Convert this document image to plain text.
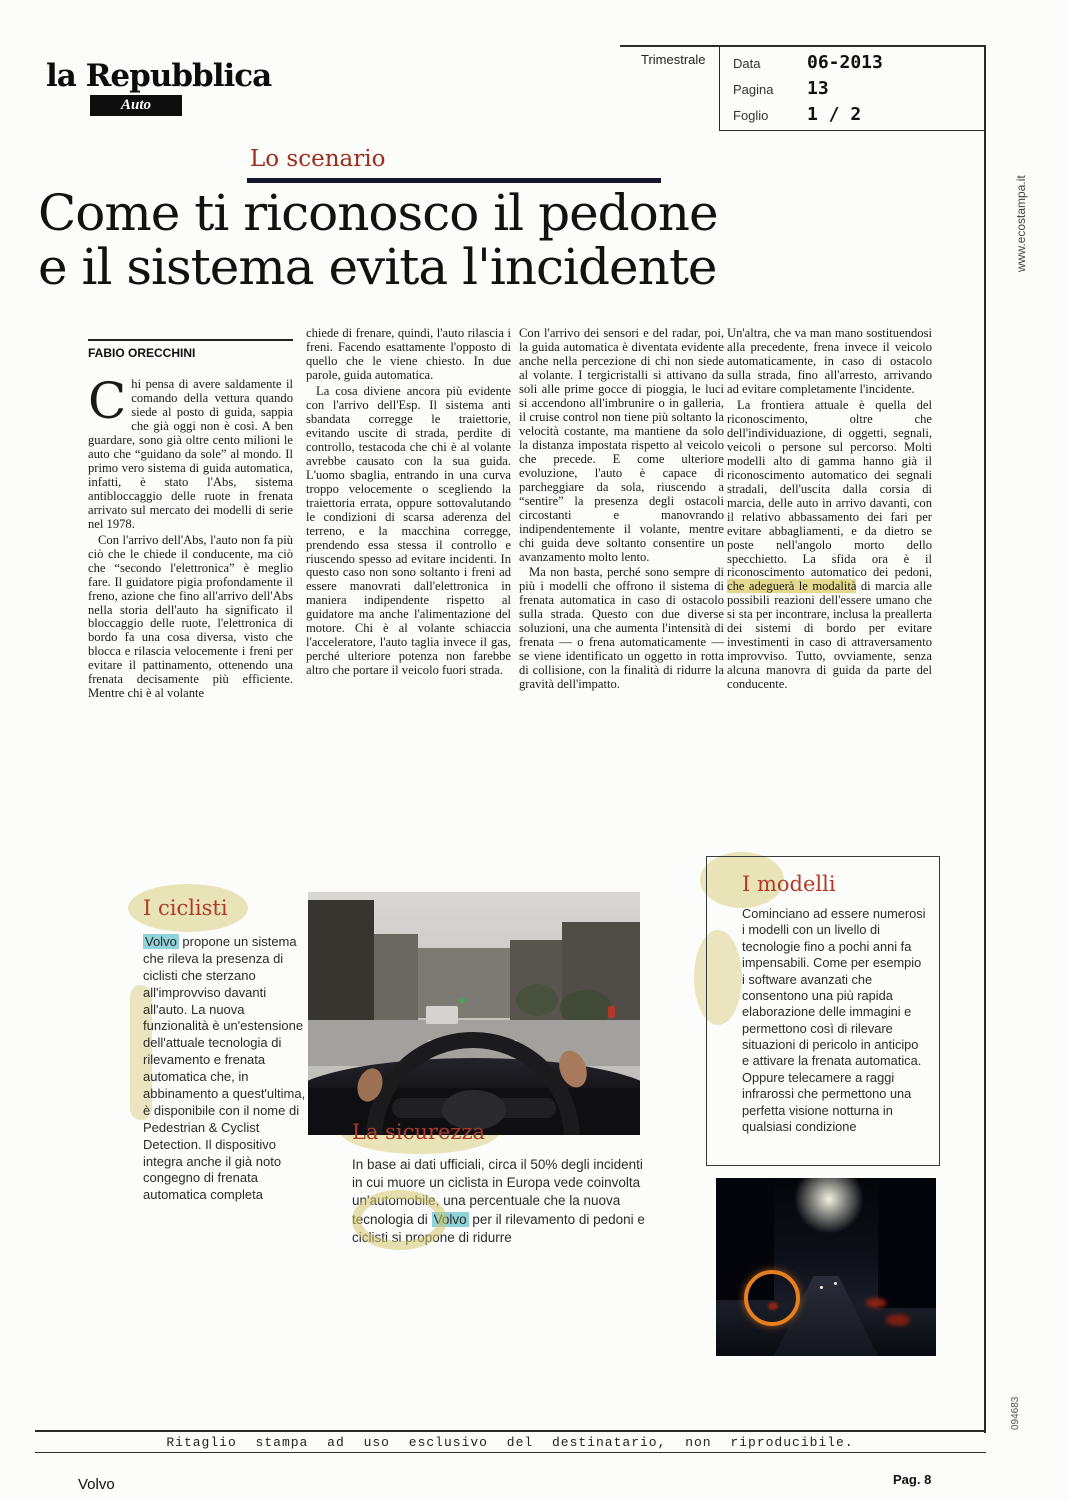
la Repubblica
Auto
Trimestrale Data	06-2013
Pagina	13
Foglio	1 / 2
Lo scenario
Come ti riconosco il pedone
e il sistema evita l'incidente
FABIO ORECCHINI

Chi pensa di avere saldamente il comando della vettura quando siede al posto di guida, sappia che già oggi non è così. A ben guardare, sono già oltre cento milioni le auto che “guidano da sole” al mondo. Il primo vero sistema di guida automatica, infatti, è stato l'Abs, sistema antibloccaggio delle ruote in frenata arrivato sul mercato dei modelli di serie nel 1978.

Con l'arrivo dell'Abs, l'auto non fa più ciò che le chiede il conducente, ma ciò che “secondo l'elettronica” è meglio fare. Il guidatore pigia profondamente il freno, azione che fino all'arrivo dell'Abs nella storia dell'auto ha significato il bloccaggio delle ruote, l'elettronica di bordo fa una cosa diversa, visto che blocca e rilascia velocemente i freni per evitare il pattinamento, ottenendo una frenata decisamente più efficiente. Mentre chi è al volante

chiede di frenare, quindi, l'auto rilascia i freni. Facendo esattamente l'opposto di quello che le viene chiesto. In due parole, guida automatica.

La cosa diviene ancora più evidente con l'arrivo dell'Esp. Il sistema anti sbandata corregge le traiettorie, evitando uscite di strada, perdite di controllo, testacoda che chi è al volante avrebbe causato con la sua guida. L'uomo sbaglia, entrando in una curva troppo velocemente o scegliendo la traiettoria errata, oppure sottovalutando le condizioni di scarsa aderenza del terreno, e la macchina corregge, prendendo essa stessa il controllo e riuscendo spesso ad evitare incidenti. In questo caso non sono soltanto i freni ad essere manovrati dall'elettronica in maniera indipendente rispetto al guidatore ma anche l'alimentazione del motore. Chi è al volante schiaccia l'acceleratore, l'auto taglia invece il gas, perché ulteriore potenza non farebbe altro che portare il veicolo fuori strada.

Con l'arrivo dei sensori e del radar, poi, la guida automatica è diventata evidente anche nella percezione di chi non siede al volante. I tergicristalli si attivano da soli alle prime gocce di pioggia, le luci si accendono all'imbrunire o in galleria, il cruise control non tiene più soltanto la velocità costante, ma mantiene da solo la distanza impostata rispetto al veicolo che precede. E come ulteriore evoluzione, l'auto è capace di parcheggiare da sola, riuscendo a “sentire” la presenza degli ostacoli circostanti e manovrando indipendentemente il volante, mentre chi guida deve soltanto consentire un avanzamento molto lento.

Ma non basta, perché sono sempre di più i modelli che offrono il sistema di frenata automatica in caso di ostacolo sulla strada. Questo con due diverse soluzioni, una che aumenta l'intensità di frenata — o frena automaticamente — se viene identificato un oggetto in rotta di collisione, con la finalità di ridurre la gravità dell'impatto.

Un'altra, che va man mano sostituendosi alla precedente, frena invece il veicolo automaticamente, in caso di ostacolo sulla strada, fino all'arresto, arrivando ad evitare completamente l'incidente.

La frontiera attuale è quella del riconoscimento, oltre che dell'individuazione, di oggetti, segnali, veicoli o persone sul percorso. Molti modelli alto di gamma hanno già il riconoscimento automatico dei segnali stradali, dell'uscita dalla corsia di marcia, delle auto in arrivo davanti, con il relativo abbassamento dei fari per evitare abbagliamenti, e da dietro se poste nell'angolo morto dello specchietto. La sfida ora è il riconoscimento automatico dei pedoni, che adeguerà le modalità di marcia alle possibili reazioni dell'essere umano che si sta per incontrare, inclusa la preallerta dei sistemi di bordo per evitare investimenti in caso di attraversamento improvviso. Tutto, ovviamente, senza alcuna manovra di guida da parte del conducente.

I ciclisti
Volvo propone un sistema che rileva la presenza di ciclisti che sterzano all'improvviso davanti all'auto. La nuova funzionalità è un'estensione dell'attuale tecnologia di rilevamento e frenata automatica che, in abbinamento a quest'ultima, è disponibile con il nome di Pedestrian & Cyclist Detection. Il dispositivo integra anche il già noto congegno di frenata automatica completa
La sicurezza
In base ai dati ufficiali, circa il 50% degli incidenti in cui muore un ciclista in Europa vede coinvolta un'automobile, una percentuale che la nuova tecnologia di Volvo per il rilevamento di pedoni e ciclisti si propone di ridurre
I modelli
Cominciano ad essere numerosi i modelli con un livello di tecnologie fino a pochi anni fa impensabili. Come per esempio i software avanzati che consentono una più rapida elaborazione delle immagini e permettono così di rilevare situazioni di pericolo in anticipo e attivare la frenata automatica. Oppure telecamere a raggi infrarossi che permettono una perfetta visione notturna in qualsiasi condizione
Ritaglio stampa ad uso esclusivo del destinatario, non riproducibile.
Volvo	Pag. 8
www.ecostampa.it
094683
